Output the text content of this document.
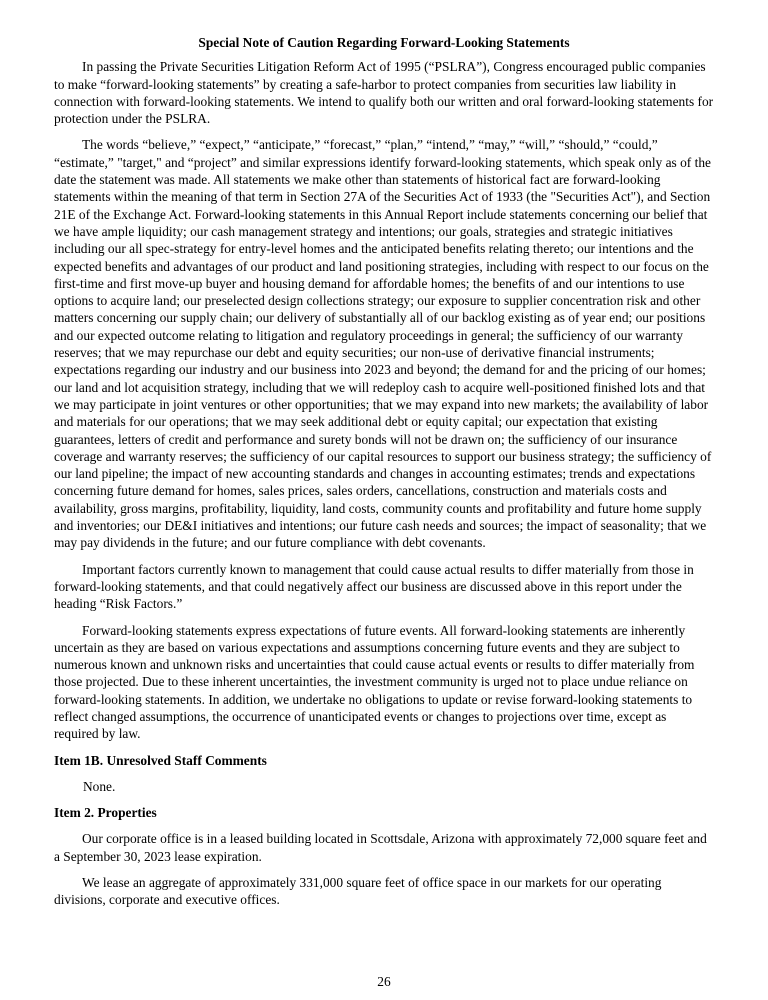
Special Note of Caution Regarding Forward-Looking Statements

In passing the Private Securities Litigation Reform Act of 1995 (“PSLRA”), Congress encouraged public companies to make “forward-looking statements” by creating a safe-harbor to protect companies from securities law liability in connection with forward-looking statements. We intend to qualify both our written and oral forward-looking statements for protection under the PSLRA.

The words “believe,” “expect,” “anticipate,” “forecast,” “plan,” “intend,” “may,” “will,” “should,” “could,” “estimate,” "target," and “project” and similar expressions identify forward-looking statements, which speak only as of the date the statement was made. All statements we make other than statements of historical fact are forward-looking statements within the meaning of that term in Section 27A of the Securities Act of 1933 (the "Securities Act"), and Section 21E of the Exchange Act. Forward-looking statements in this Annual Report include statements concerning our belief that we have ample liquidity; our cash management strategy and intentions; our goals, strategies and strategic initiatives including our all spec-strategy for entry-level homes and the anticipated benefits relating thereto; our intentions and the expected benefits and advantages of our product and land positioning strategies, including with respect to our focus on the first-time and first move-up buyer and housing demand for affordable homes; the benefits of and our intentions to use options to acquire land; our preselected design collections strategy; our exposure to supplier concentration risk and other matters concerning our supply chain; our delivery of substantially all of our backlog existing as of year end; our positions and our expected outcome relating to litigation and regulatory proceedings in general; the sufficiency of our warranty reserves; that we may repurchase our debt and equity securities; our non-use of derivative financial instruments; expectations regarding our industry and our business into 2023 and beyond; the demand for and the pricing of our homes; our land and lot acquisition strategy, including that we will redeploy cash to acquire well-positioned finished lots and that we may participate in joint ventures or other opportunities; that we may expand into new markets; the availability of labor and materials for our operations; that we may seek additional debt or equity capital; our expectation that existing guarantees, letters of credit and performance and surety bonds will not be drawn on; the sufficiency of our insurance coverage and warranty reserves; the sufficiency of our capital resources to support our business strategy; the sufficiency of our land pipeline; the impact of new accounting standards and changes in accounting estimates; trends and expectations concerning future demand for homes, sales prices, sales orders, cancellations, construction and materials costs and availability, gross margins, profitability, liquidity, land costs, community counts and profitability and future home supply and inventories; our DE&I initiatives and intentions; our future cash needs and sources; the impact of seasonality; that we may pay dividends in the future; and our future compliance with debt covenants.

Important factors currently known to management that could cause actual results to differ materially from those in forward-looking statements, and that could negatively affect our business are discussed above in this report under the heading “Risk Factors.”

Forward-looking statements express expectations of future events. All forward-looking statements are inherently uncertain as they are based on various expectations and assumptions concerning future events and they are subject to numerous known and unknown risks and uncertainties that could cause actual events or results to differ materially from those projected. Due to these inherent uncertainties, the investment community is urged not to place undue reliance on forward-looking statements. In addition, we undertake no obligations to update or revise forward-looking statements to reflect changed assumptions, the occurrence of unanticipated events or changes to projections over time, except as required by law.

Item 1B. Unresolved Staff Comments

None.

Item 2. Properties

Our corporate office is in a leased building located in Scottsdale, Arizona with approximately 72,000 square feet and a September 30, 2023 lease expiration.

We lease an aggregate of approximately 331,000 square feet of office space in our markets for our operating divisions, corporate and executive offices.

26
